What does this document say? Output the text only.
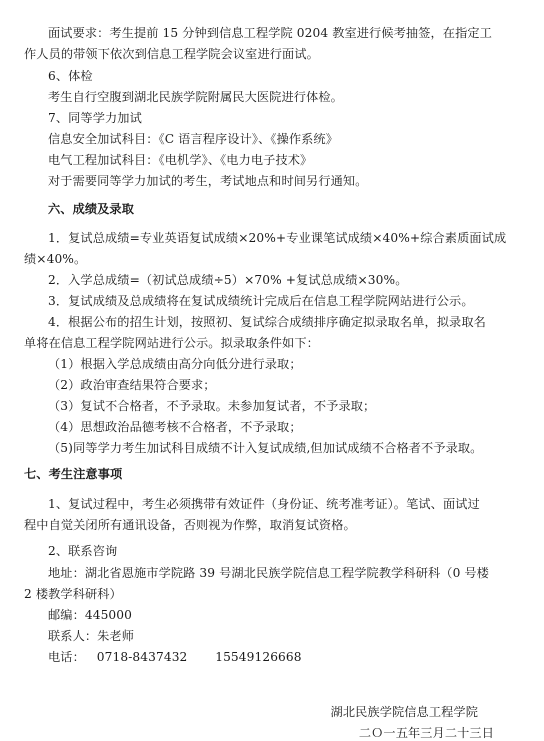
面试要求：考生提前 15 分钟到信息工程学院 0204 教室进行候考抽签，在指定工
作人员的带领下依次到信息工程学院会议室进行面试。
6、体检
考生自行空腹到湖北民族学院附属民大医院进行体检。
7、同等学力加试
信息安全加试科目：《C 语言程序设计》、《操作系统》
电气工程加试科目：《电机学》、《电力电子技术》
对于需要同等学力加试的考生，考试地点和时间另行通知。
六、成绩及录取
1．复试总成绩=专业英语复试成绩×20%+专业课笔试成绩×40%+综合素质面试成
绩×40%。
2．入学总成绩=（初试总成绩÷5）×70% +复试总成绩×30%。
3．复试成绩及总成绩将在复试成绩统计完成后在信息工程学院网站进行公示。
4．根据公布的招生计划，按照初、复试综合成绩排序确定拟录取名单，拟录取名
单将在信息工程学院网站进行公示。拟录取条件如下：
（1）根据入学总成绩由高分向低分进行录取；
（2）政治审查结果符合要求；
（3）复试不合格者，不予录取。未参加复试者，不予录取；
（4）思想政治品德考核不合格者，不予录取；
（5)同等学力考生加试科目成绩不计入复试成绩,但加试成绩不合格者不予录取。
七、考生注意事项
1、复试过程中，考生必须携带有效证件（身份证、统考准考证）。笔试、面试过
程中自觉关闭所有通讯设备，否则视为作弊，取消复试资格。
2、联系咨询
地址：湖北省恩施市学院路 39 号湖北民族学院信息工程学院教学科研科（0 号楼
2 楼教学科研科）
邮编：445000
联系人：朱老师
电话：   0718-8437432       15549126668
湖北民族学院信息工程学院
二Ｏ一五年三月二十三日
